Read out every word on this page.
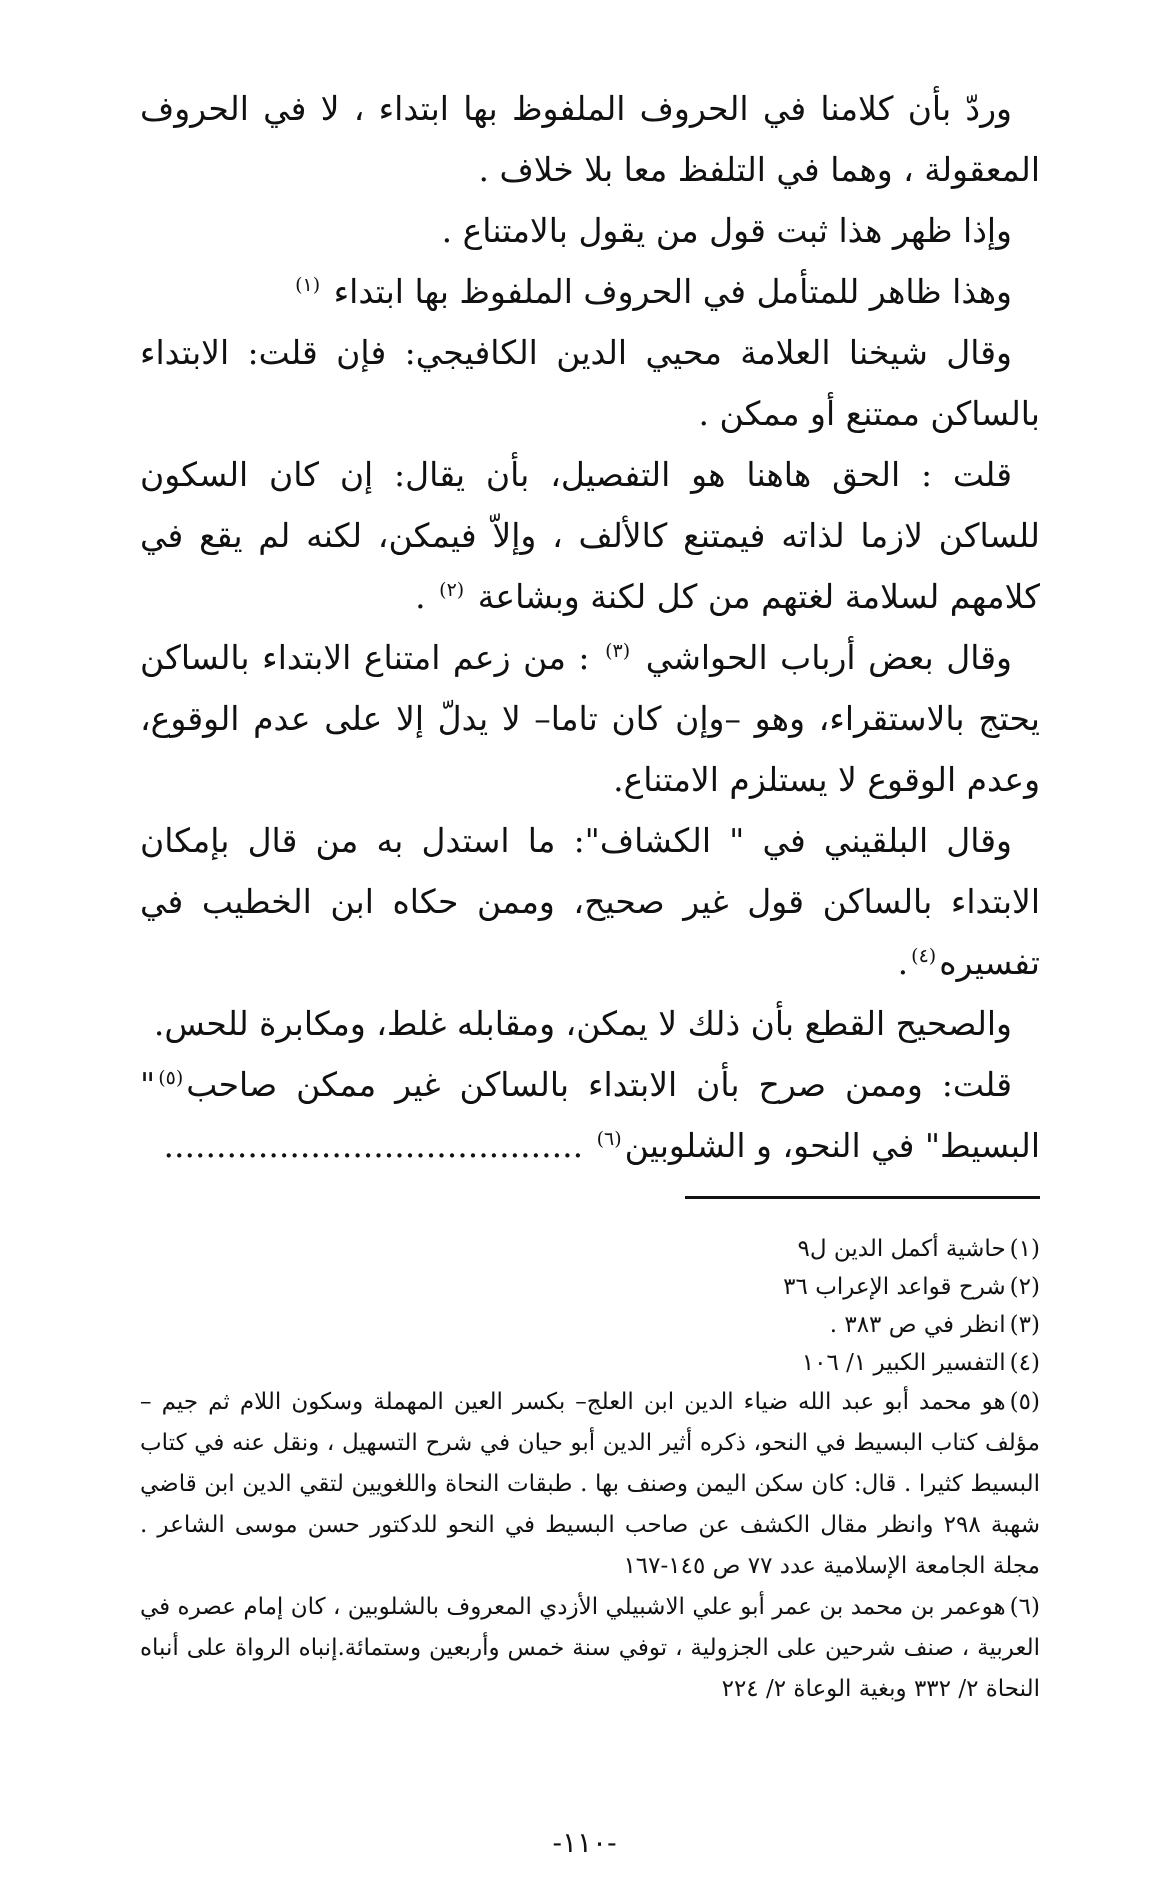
وردّ بأن كلامنا في الحروف الملفوظ بها ابتداء ، لا في الحروف المعقولة ، وهما في التلفظ معا بلا خلاف .

وإذا ظهر هذا ثبت قول من يقول بالامتناع .

وهذا ظاهر للمتأمل في الحروف الملفوظ بها ابتداء $^{(١)}$

وقال شيخنا العلامة محيي الدين الكافيجي: فإن قلت: الابتداء بالساكن ممتنع أو ممكن .

قلت : الحق هاهنا هو التفصيل، بأن يقال: إن كان السكون للساكن لازما لذاته فيمتنع كالألف ، وإلاّ فيمكن، لكنه لم يقع في كلامهم لسلامة لغتهم من كل لكنة وبشاعة $^{(٢)}$ .

وقال بعض أرباب الحواشي $^{(٣)}$ : من زعم امتناع الابتداء بالساكن يحتج بالاستقراء، وهو –وإن كان تاما– لا يدلّ إلا على عدم الوقوع، وعدم الوقوع لا يستلزم الامتناع.

وقال البلقيني في " الكشاف": ما استدل به من قال بإمكان الابتداء بالساكن قول غير صحيح، وممن حكاه ابن الخطيب في تفسيره$^{(٤)}$.

والصحيح القطع بأن ذلك لا يمكن، ومقابله غلط، ومكابرة للحس.

قلت: وممن صرح بأن الابتداء بالساكن غير ممكن صاحب$^{(٥)}$" البسيط" في النحو، و الشلوبين$^{(٦)}$ ........................................

(١)حاشية أكمل الدين ل٩

(٢)شرح قواعد الإعراب ٣٦

(٣)انظر في ص ٣٨٣ .

(٤)التفسير الكبير ١/ ١٠٦

(٥)هو محمد أبو عبد الله ضياء الدين ابن العلج– بكسر العين المهملة وسكون اللام ثم جيم – مؤلف كتاب البسيط في النحو، ذكره أثير الدين أبو حيان في شرح التسهيل ، ونقل عنه في كتاب البسيط كثيرا . قال: كان سكن اليمن وصنف بها . طبقات النحاة واللغويين لتقي الدين ابن قاضي شهبة ٢٩٨ وانظر مقال الكشف عن صاحب البسيط في النحو للدكتور حسن موسى الشاعر . مجلة الجامعة الإسلامية عدد ٧٧ ص ١٤٥-١٦٧

(٦)هوعمر بن محمد بن عمر أبو علي الاشبيلي الأزدي المعروف بالشلوبين ، كان إمام عصره في العربية ، صنف شرحين على الجزولية ، توفي سنة خمس وأربعين وستمائة.إنباه الرواة على أنباه النحاة ٢/ ٣٣٢ وبغية الوعاة ٢/ ٢٢٤

-١١٠-
